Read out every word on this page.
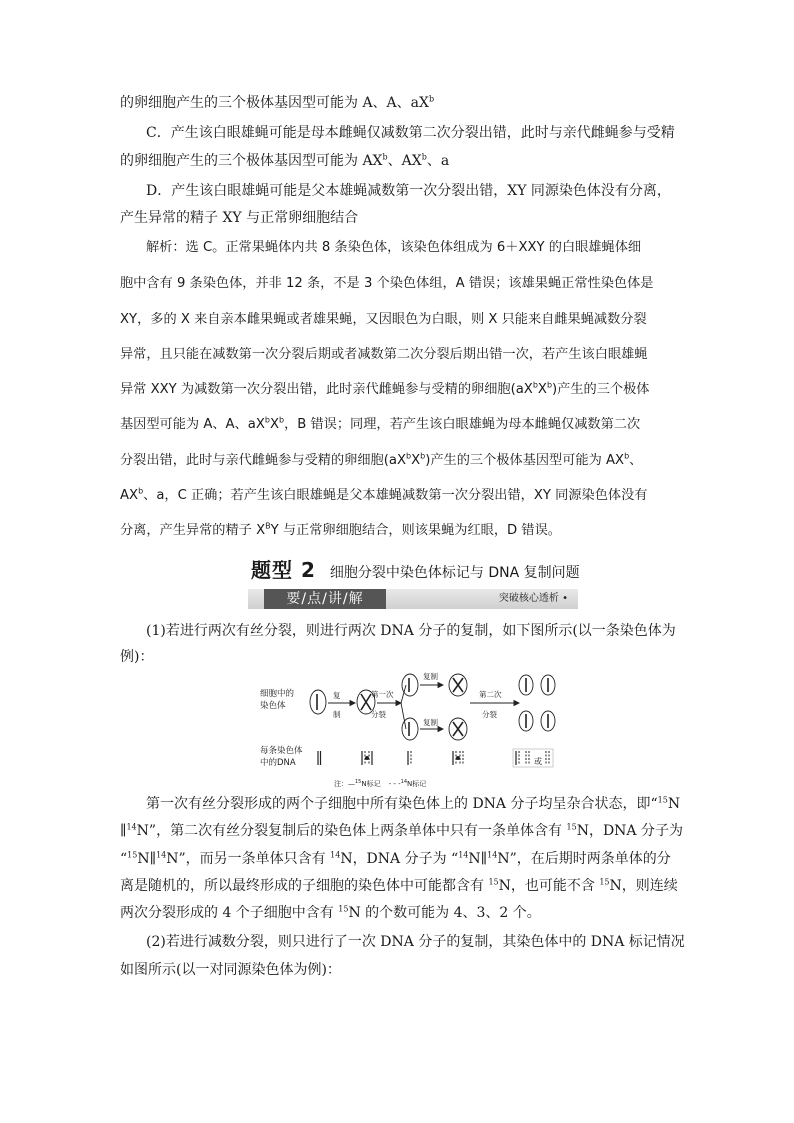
的卵细胞产生的三个极体基因型可能为 A、A、$aX^b$
C．产生该白眼雄蝇可能是母本雌蝇仅减数第二次分裂出错，此时与亲代雌蝇参与受精
的卵细胞产生的三个极体基因型可能为 $AX^b$、$AX^b$、a
D．产生该白眼雄蝇可能是父本雄蝇减数第一次分裂出错，XY 同源染色体没有分离，
产生异常的精子 XY 与正常卵细胞结合
解析：选 C。正常果蝇体内共 8 条染色体，该染色体组成为 6＋XXY 的白眼雄蝇体细
胞中含有 9 条染色体，并非 12 条，不是 3 个染色体组，A 错误；该雄果蝇正常性染色体是
XY，多的 X 来自亲本雌果蝇或者雄果蝇，又因眼色为白眼，则 X 只能来自雌果蝇减数分裂
异常，且只能在减数第一次分裂后期或者减数第二次分裂后期出错一次，若产生该白眼雄蝇
异常 XXY 为减数第一次分裂出错，此时亲代雌蝇参与受精的卵细胞$(aX^bX^b)$产生的三个极体
基因型可能为 A、A、$aX^bX^b$，B 错误；同理，若产生该白眼雄蝇为母本雌蝇仅减数第二次
分裂出错，此时与亲代雌蝇参与受精的卵细胞$(aX^bX^b)$产生的三个极体基因型可能为 $AX^b$、
$AX^b$、a，C 正确；若产生该白眼雄蝇是父本雄蝇减数第一次分裂出错，XY 同源染色体没有
分离，产生异常的精子 $X^BY$ 与正常卵细胞结合，则该果蝇为红眼，D 错误。
题型 2 细胞分裂中染色体标记与 DNA 复制问题
要/点/讲/解	突破核心透析 •
(1)若进行两次有丝分裂，则进行两次 DNA 分子的复制，如下图所示(以一条染色体为
例)：
细胞中的
染色体
每条染色体
中的DNA
复
制
第一次
分裂
复制
复制
第二次
分裂
或
注：—$^{15}$N标记 - - -$^{14}$N标记
第一次有丝分裂形成的两个子细胞中所有染色体上的 DNA 分子均呈杂合状态，即“$^{15}$N
∥$^{14}$N”，第二次有丝分裂复制后的染色体上两条单体中只有一条单体含有 $^{15}$N，DNA 分子为
“$^{15}$N∥$^{14}$N”，而另一条单体只含有 $^{14}$N，DNA 分子为 “$^{14}$N∥$^{14}$N”，在后期时两条单体的分
离是随机的，所以最终形成的子细胞的染色体中可能都含有 $^{15}$N，也可能不含 $^{15}$N，则连续
两次分裂形成的 4 个子细胞中含有 $^{15}$N 的个数可能为 4、3、2 个。
(2)若进行减数分裂，则只进行了一次 DNA 分子的复制，其染色体中的 DNA 标记情况
如图所示(以一对同源染色体为例)：
